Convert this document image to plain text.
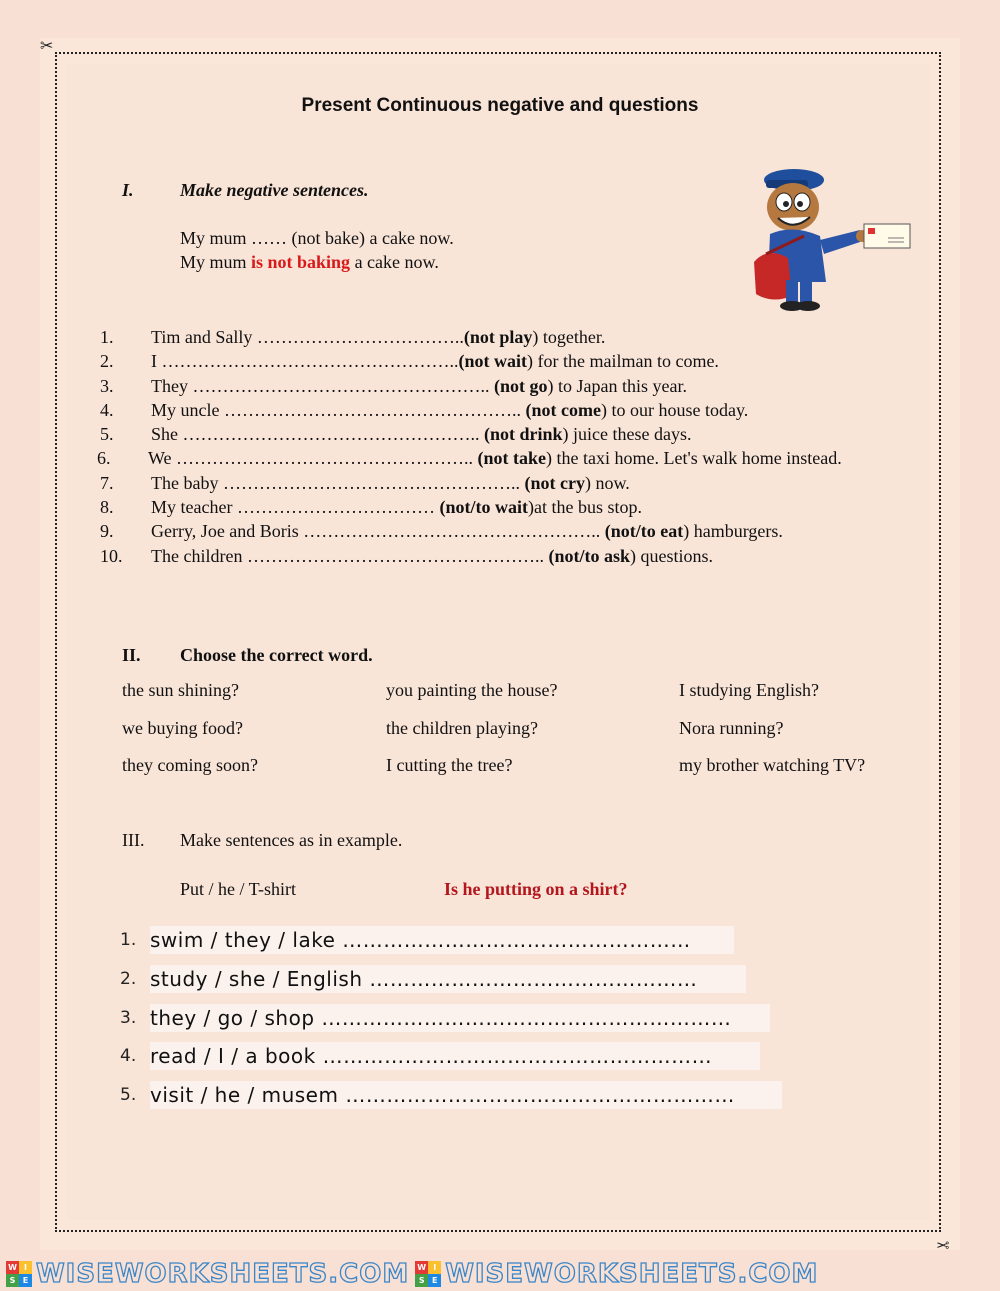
✂
✂
Present Continuous negative and questions
I.	Make negative sentences.
My mum …… (not bake) a cake now.
My mum is not baking a cake now.
1.	Tim and Sally ……………………………..(not play) together.
2.	I …………………………………………..(not wait) for the mailman to come.
3.	They ………………………………………….. (not go) to Japan this year.
4.	My uncle ………………………………………….. (not come) to our house today.
5.	She ………………………………………….. (not drink) juice these days.
6. We ………………………………………….. (not take) the taxi home. Let's walk home instead.
7.	The baby ………………………………………….. (not cry) now.
8.	My teacher …………………………… (not/to wait)at the bus stop.
9.	Gerry, Joe and Boris ………………………………………….. (not/to eat) hamburgers.
10.	The children ………………………………………….. (not/to ask) questions.
II. Choose the correct word.
the sun shining?	you painting the house?	I studying English?
we buying food?	the children playing?	Nora running?
they coming soon?	I cutting the tree?	my brother watching TV?
III. Make sentences as in example.
Put / he / T-shirt	Is he putting on a shirt?
1. swim / they / lake ……………………………………………
2. study / she / English …………………………………………
3. they / go / shop ……………………………………………………
4. read / I / a book …………………………………………………
5. visit / he / musem …………………………………………………
W I
S E WISEWORKSHEETS.COM W I
S E WISEWORKSHEETS.COM
